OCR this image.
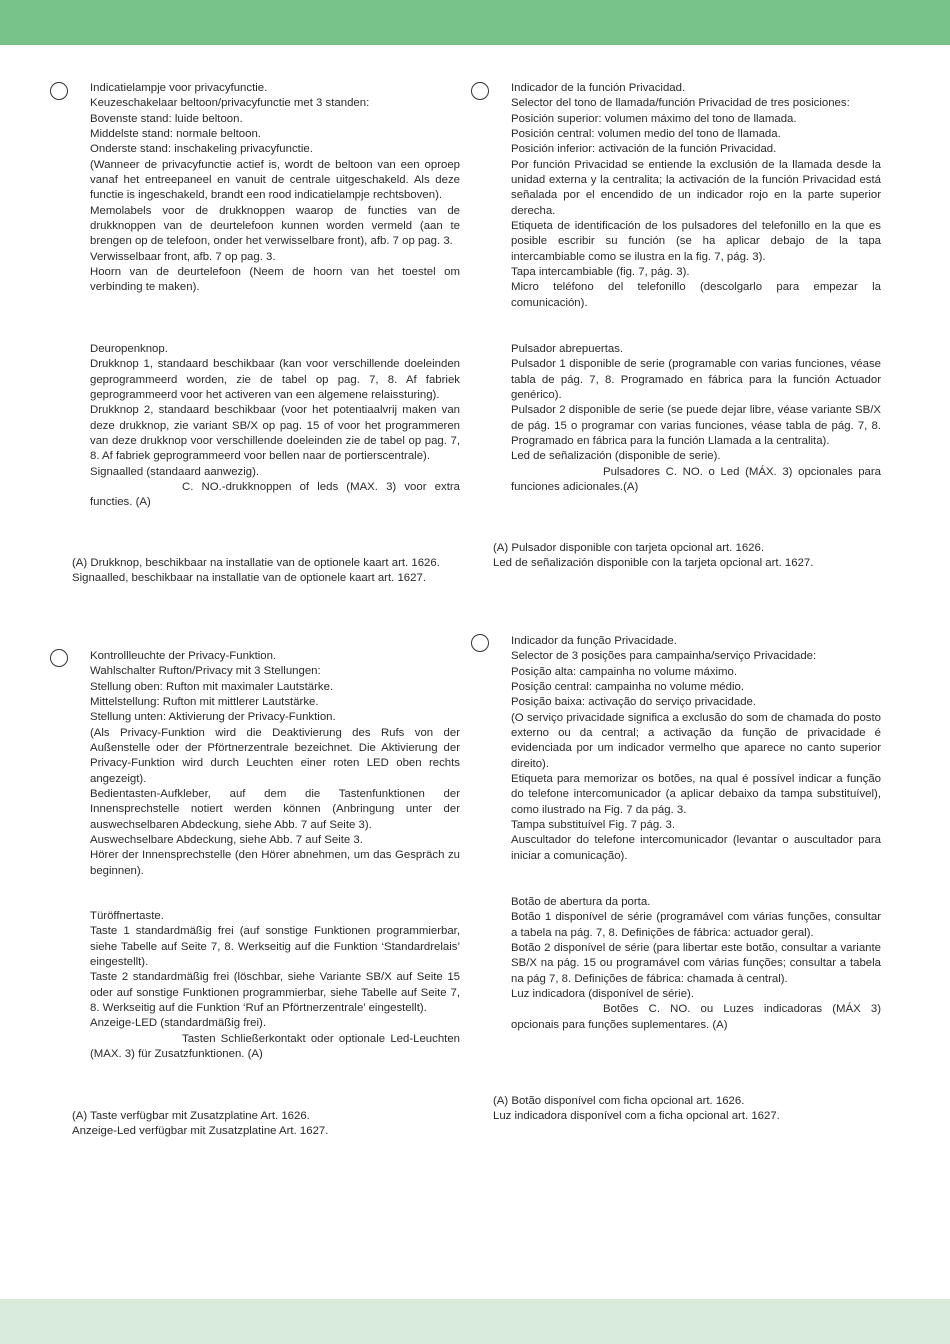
Indicatielampje voor privacyfunctie.

Keuzeschakelaar beltoon/privacyfunctie met 3 standen:

Bovenste stand: luide beltoon.

Middelste stand: normale beltoon.

Onderste stand: inschakeling privacyfunctie.

(Wanneer de privacyfunctie actief is, wordt de beltoon van een oproep vanaf het entreepaneel en vanuit de centrale uitgeschakeld. Als deze functie is ingeschakeld, brandt een rood indicatielampje rechtsboven).

Memolabels voor de drukknoppen waarop de functies van de drukknoppen van de deurtelefoon kunnen worden vermeld (aan te brengen op de telefoon, onder het verwisselbare front), afb. 7 op pag. 3.

Verwisselbaar front, afb. 7 op pag. 3.

Hoorn van de deurtelefoon (Neem de hoorn van het toestel om verbinding te maken).

Deuropenknop.

Drukknop 1, standaard beschikbaar (kan voor verschillende doeleinden geprogrammeerd worden, zie de tabel op pag. 7, 8. Af fabriek geprogrammeerd voor het activeren van een algemene relaissturing).

Drukknop 2, standaard beschikbaar (voor het potentiaalvrij maken van deze drukknop, zie variant SB/X op pag. 15 of voor het programmeren van deze drukknop voor verschillende doeleinden zie de tabel op pag. 7, 8. Af fabriek geprogrammeerd voor bellen naar de portierscentrale).

Signaalled (standaard aanwezig).

C. NO.-drukknoppen of leds (MAX. 3) voor extra functies. (A)

(A) Drukknop, beschikbaar na installatie van de optionele kaart art. 1626.

Signaalled, beschikbaar na installatie van de optionele kaart art. 1627.

Indicador de la función Privacidad.

Selector del tono de llamada/función Privacidad de tres posiciones:

Posición superior: volumen máximo del tono de llamada.

Posición central: volumen medio del tono de llamada.

Posición inferior: activación de la función Privacidad.

Por función Privacidad se entiende la exclusión de la llamada desde la unidad externa y la centralita; la activación de la función Privacidad está señalada por el encendido de un indicador rojo en la parte superior derecha.

Etiqueta de identificación de los pulsadores del telefonillo en la que es posible escribir su función (se ha aplicar debajo de la tapa intercambiable como se ilustra en la fig. 7, pág. 3).

Tapa intercambiable (fig. 7, pág. 3).

Micro teléfono del telefonillo (descolgarlo para empezar la comunicación).

Pulsador abrepuertas.

Pulsador 1 disponible de serie (programable con varias funciones, véase tabla de pág. 7, 8. Programado en fábrica para la función Actuador genérico).

Pulsador 2 disponible de serie (se puede dejar libre, véase variante SB/X de pág. 15 o programar con varias funciones, véase tabla de pág. 7, 8. Programado en fábrica para la función Llamada a la centralita).

Led de señalización (disponible de serie).

Pulsadores C. NO. o Led (MÁX. 3) opcionales para funciones adicionales.(A)

(A) Pulsador disponible con tarjeta opcional art. 1626.

Led de señalización disponible con la tarjeta opcional art. 1627.

Kontrollleuchte der Privacy-Funktion.

Wahlschalter Rufton/Privacy mit 3 Stellungen:

Stellung oben: Rufton mit maximaler Lautstärke.

Mittelstellung: Rufton mit mittlerer Lautstärke.

Stellung unten: Aktivierung der Privacy-Funktion.

(Als Privacy-Funktion wird die Deaktivierung des Rufs von der Außenstelle oder der Pförtnerzentrale bezeichnet. Die Aktivierung der Privacy-Funktion wird durch Leuchten einer roten LED oben rechts angezeigt).

Bedientasten-Aufkleber, auf dem die Tastenfunktionen der Innensprechstelle notiert werden können (Anbringung unter der auswechselbaren Abdeckung, siehe Abb. 7 auf Seite 3).

Auswechselbare Abdeckung, siehe Abb. 7 auf Seite 3.

Hörer der Innensprechstelle (den Hörer abnehmen, um das Gespräch zu beginnen).

Türöffnertaste.

Taste 1 standardmäßig frei (auf sonstige Funktionen programmierbar, siehe Tabelle auf Seite 7, 8. Werkseitig auf die Funktion ‘Standardrelais’ eingestellt).

Taste 2 standardmäßig frei (löschbar, siehe Variante SB/X auf Seite 15 oder auf sonstige Funktionen programmierbar, siehe Tabelle auf Seite 7, 8. Werkseitig auf die Funktion ‘Ruf an Pförtnerzentrale’ eingestellt).

Anzeige-LED (standardmäßig frei).

Tasten Schließerkontakt oder optionale Led-Leuchten (MAX. 3) für Zusatzfunktionen. (A)

(A) Taste verfügbar mit Zusatzplatine Art. 1626.

Anzeige-Led verfügbar mit Zusatzplatine Art. 1627.

Indicador da função Privacidade.

Selector de 3 posições para campainha/serviço Privacidade:

Posição alta: campainha no volume máximo.

Posição central: campainha no volume médio.

Posição baixa: activação do serviço privacidade.

(O serviço privacidade significa a exclusão do som de chamada do posto externo ou da central; a activação da função de privacidade é evidenciada por um indicador vermelho que aparece no canto superior direito).

Etiqueta para memorizar os botões, na qual é possível indicar a função do telefone intercomunicador (a aplicar debaixo da tampa substituível), como ilustrado na Fig. 7 da pág. 3.

Tampa substituível Fig. 7 pág. 3.

Auscultador do telefone intercomunicador (levantar o auscultador para iniciar a comunicação).

Botão de abertura da porta.

Botão 1 disponível de série (programável com várias funções, consultar a tabela na pág. 7, 8. Definições de fábrica: actuador geral).

Botão 2 disponível de série (para libertar este botão, consultar a variante SB/X na pág. 15 ou programável com várias funções; consultar a tabela na pág 7, 8. Definições de fábrica: chamada à central).

Luz indicadora (disponível de série).

Botões C. NO. ou Luzes indicadoras (MÁX 3) opcionais para funções suplementares. (A)

(A) Botão disponível com ficha opcional art. 1626.

Luz indicadora disponível com a ficha opcional art. 1627.
